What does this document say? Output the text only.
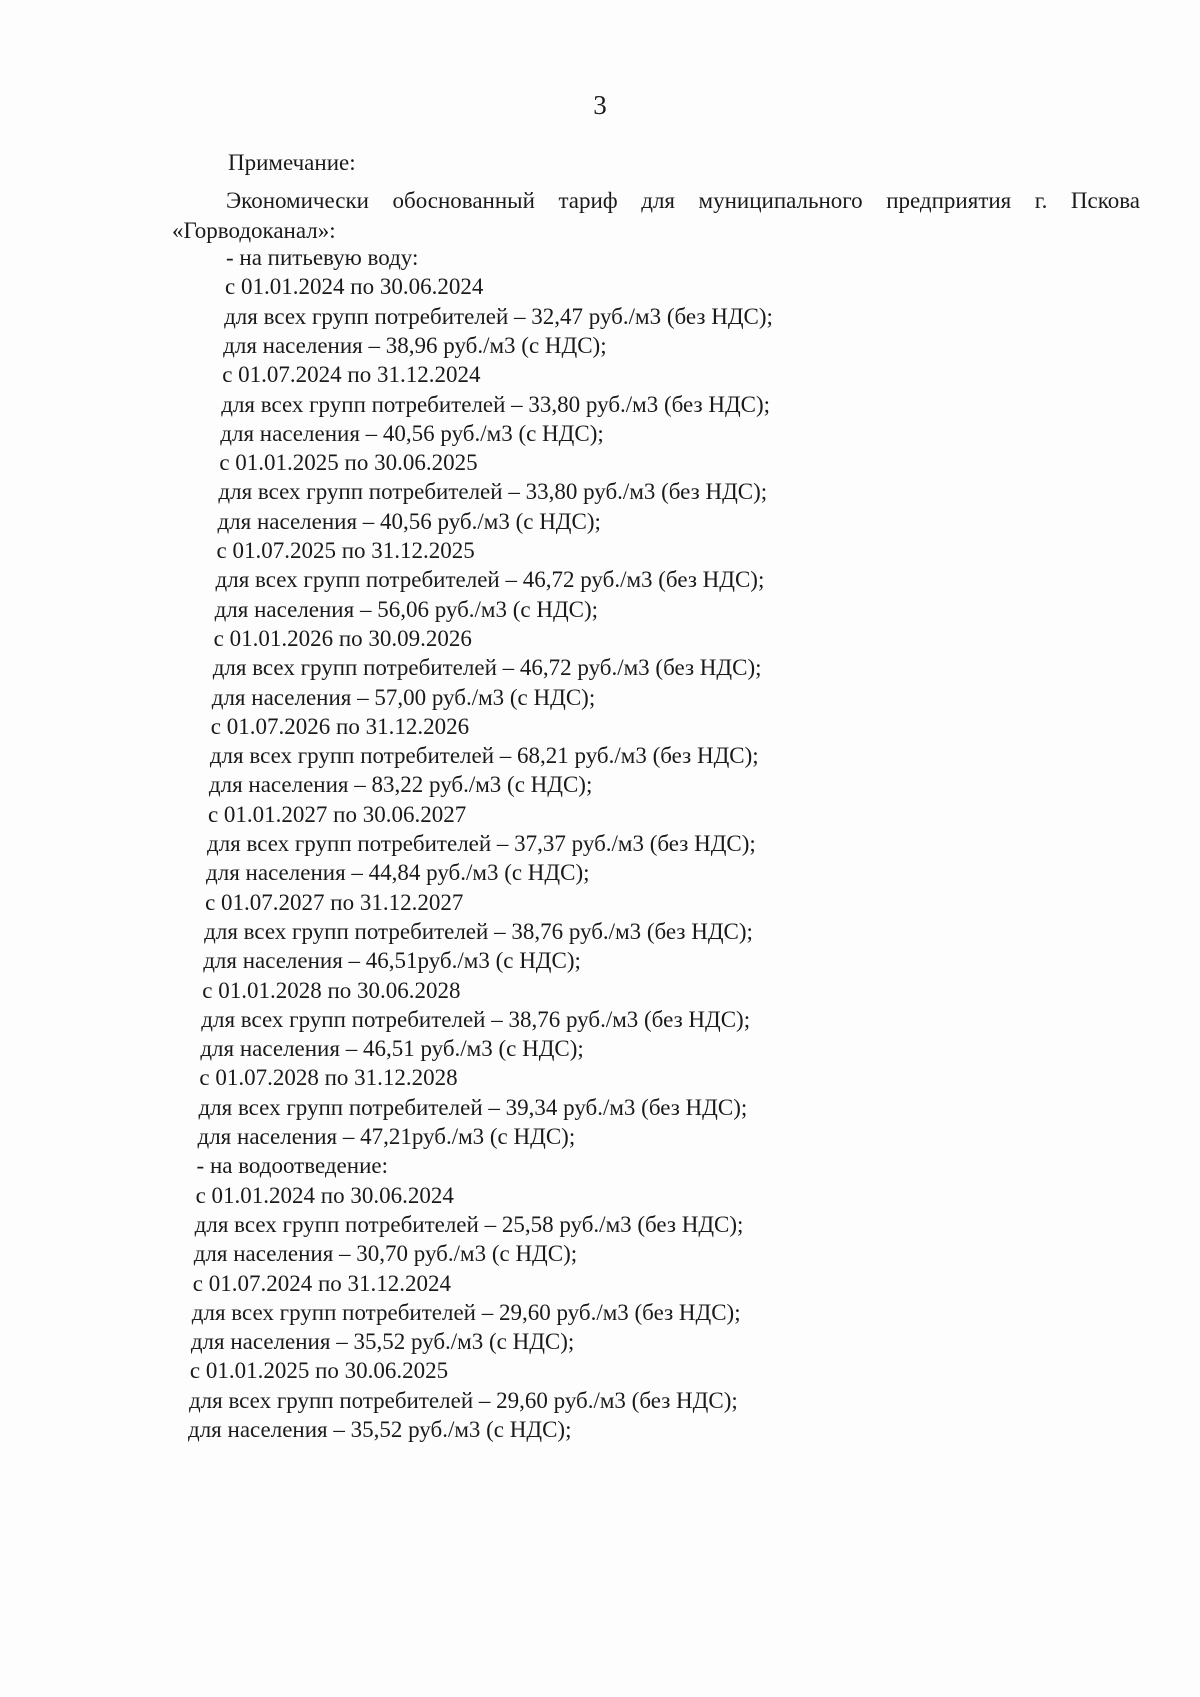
3
Примечание:
Экономически обоснованный тариф для муниципального предприятия г. Пскова «Горводоканал»:
- на питьевую воду:
с 01.01.2024 по 30.06.2024
для всех групп потребителей – 32,47 руб./м3 (без НДС);
для населения – 38,96 руб./м3 (с НДС);
с 01.07.2024 по 31.12.2024
для всех групп потребителей – 33,80 руб./м3 (без НДС);
для населения – 40,56 руб./м3 (с НДС);
с 01.01.2025 по 30.06.2025
для всех групп потребителей – 33,80 руб./м3 (без НДС);
для населения – 40,56 руб./м3 (с НДС);
с 01.07.2025 по 31.12.2025
для всех групп потребителей – 46,72 руб./м3 (без НДС);
для населения – 56,06 руб./м3 (с НДС);
с 01.01.2026 по 30.09.2026
для всех групп потребителей – 46,72 руб./м3 (без НДС);
для населения – 57,00 руб./м3 (с НДС);
с 01.07.2026 по 31.12.2026
для всех групп потребителей – 68,21 руб./м3 (без НДС);
для населения – 83,22 руб./м3 (с НДС);
с 01.01.2027 по 30.06.2027
для всех групп потребителей – 37,37 руб./м3 (без НДС);
для населения – 44,84 руб./м3 (с НДС);
с 01.07.2027 по 31.12.2027
для всех групп потребителей – 38,76 руб./м3 (без НДС);
для населения – 46,51руб./м3 (с НДС);
с 01.01.2028 по 30.06.2028
для всех групп потребителей – 38,76 руб./м3 (без НДС);
для населения – 46,51 руб./м3 (с НДС);
с 01.07.2028 по 31.12.2028
для всех групп потребителей – 39,34 руб./м3 (без НДС);
для населения – 47,21руб./м3 (с НДС);
- на водоотведение:
с 01.01.2024 по 30.06.2024
для всех групп потребителей – 25,58 руб./м3 (без НДС);
для населения – 30,70 руб./м3 (с НДС);
с 01.07.2024 по 31.12.2024
для всех групп потребителей – 29,60 руб./м3 (без НДС);
для населения – 35,52 руб./м3 (с НДС);
с 01.01.2025 по 30.06.2025
для всех групп потребителей – 29,60 руб./м3 (без НДС);
для населения – 35,52 руб./м3 (с НДС);
